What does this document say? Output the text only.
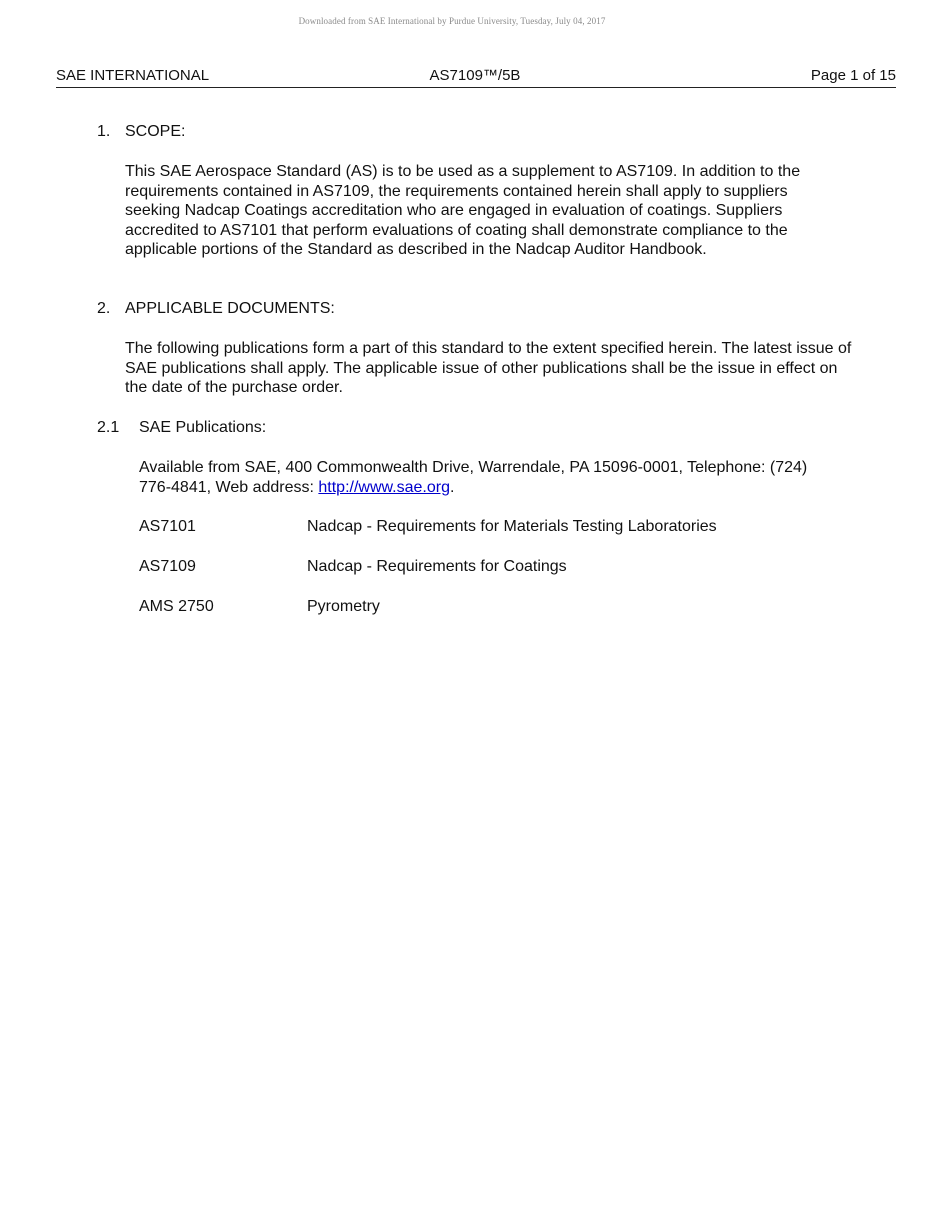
Downloaded from SAE International by Purdue University, Tuesday, July 04, 2017
SAE INTERNATIONAL	AS7109™/5B	Page 1 of 15
1. SCOPE:
This SAE Aerospace Standard (AS) is to be used as a supplement to AS7109. In addition to the requirements contained in AS7109, the requirements contained herein shall apply to suppliers seeking Nadcap Coatings accreditation who are engaged in evaluation of coatings. Suppliers accredited to AS7101 that perform evaluations of coating shall demonstrate compliance to the applicable portions of the Standard as described in the Nadcap Auditor Handbook.
2. APPLICABLE DOCUMENTS:
The following publications form a part of this standard to the extent specified herein. The latest issue of SAE publications shall apply. The applicable issue of other publications shall be the issue in effect on the date of the purchase order.
2.1 SAE Publications:
Available from SAE, 400 Commonwealth Drive, Warrendale, PA 15096-0001, Telephone: (724) 776-4841, Web address: http://www.sae.org.
AS7101	Nadcap - Requirements for Materials Testing Laboratories
AS7109	Nadcap - Requirements for Coatings
AMS 2750	Pyrometry
